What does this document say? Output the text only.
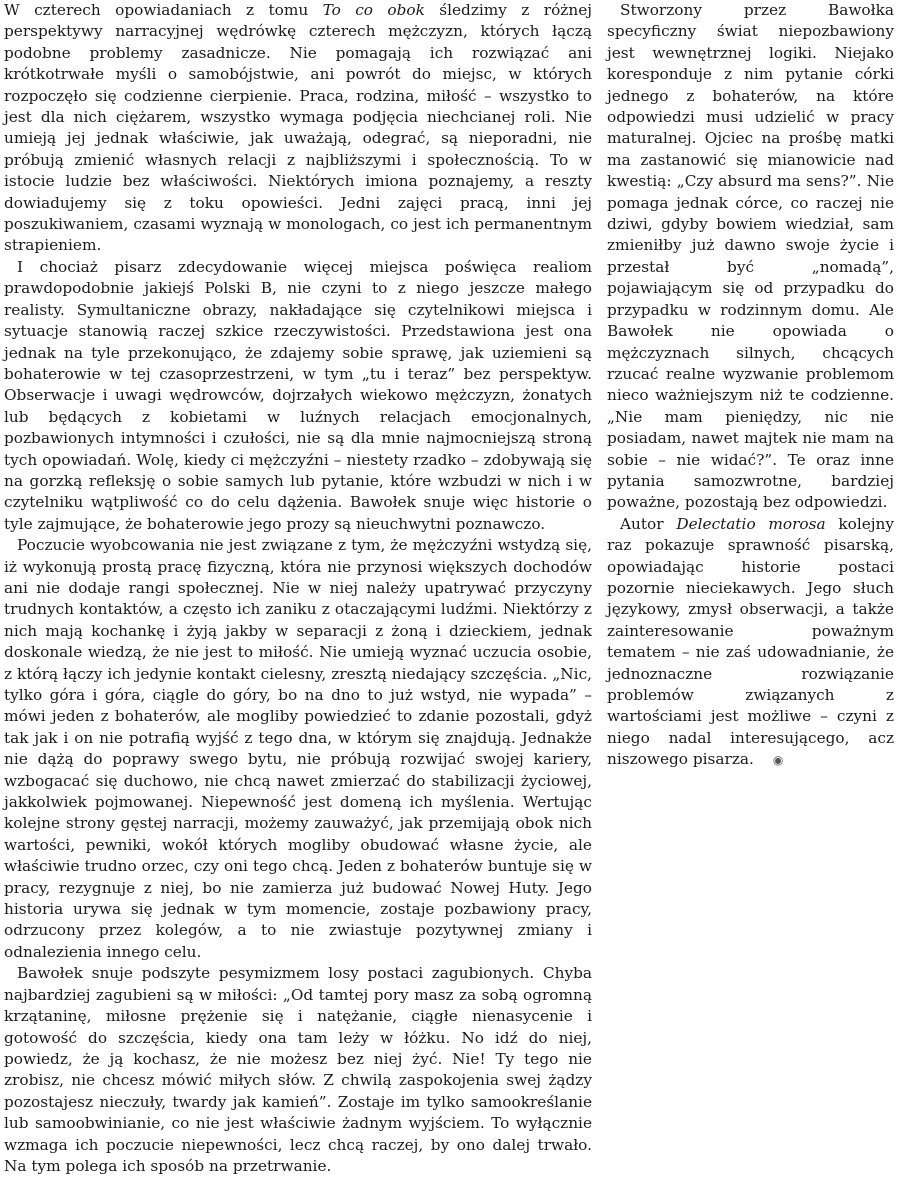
W czterech opowiadaniach z tomu To co obok śledzimy z różnej perspektywy narracyjnej wędrówkę czterech mężczyzn, których łączą podobne problemy zasadnicze. Nie pomagają ich rozwiązać ani krótkotrwałe myśli o samobójstwie, ani powrót do miejsc, w których rozpoczęło się codzienne cierpienie. Praca, rodzina, miłość – wszystko to jest dla nich ciężarem, wszystko wymaga podjęcia niechcianej roli. Nie umieją jej jednak właściwie, jak uważają, odegrać, są nieporadni, nie próbują zmienić własnych relacji z najbliższymi i społecznością. To w istocie ludzie bez właściwości. Niektórych imiona poznajemy, a reszty dowiadujemy się z toku opowieści. Jedni zajęci pracą, inni jej poszukiwaniem, czasami wyznają w monologach, co jest ich permanentnym strapieniem.

I chociaż pisarz zdecydowanie więcej miejsca poświęca realiom prawdopodobnie jakiejś Polski B, nie czyni to z niego jeszcze małego realisty. Symultaniczne obrazy, nakładające się czytelnikowi miejsca i sytuacje stanowią raczej szkice rzeczywistości. Przedstawiona jest ona jednak na tyle przekonująco, że zdajemy sobie sprawę, jak uziemieni są bohaterowie w tej czasoprzestrzeni, w tym „tu i teraz” bez perspektyw. Obserwacje i uwagi wędrowców, dojrzałych wiekowo mężczyzn, żonatych lub będących z kobietami w luźnych relacjach emocjonalnych, pozbawionych intymności i czułości, nie są dla mnie najmocniejszą stroną tych opowiadań. Wolę, kiedy ci mężczyźni – niestety rzadko – zdobywają się na gorzką refleksję o sobie samych lub pytanie, które wzbudzi w nich i w czytelniku wątpliwość co do celu dążenia. Bawołek snuje więc historie o tyle zajmujące, że bohaterowie jego prozy są nieuchwytni poznawczo.

Poczucie wyobcowania nie jest związane z tym, że mężczyźni wstydzą się, iż wykonują prostą pracę fizyczną, która nie przynosi większych dochodów ani nie dodaje rangi społecznej. Nie w niej należy upatrywać przyczyny trudnych kontaktów, a często ich zaniku z otaczającymi ludźmi. Niektórzy z nich mają kochankę i żyją jakby w separacji z żoną i dzieckiem, jednak doskonale wiedzą, że nie jest to miłość. Nie umieją wyznać uczucia osobie, z którą łączy ich jedynie kontakt cielesny, zresztą niedający szczęścia. „Nic, tylko góra i góra, ciągle do góry, bo na dno to już wstyd, nie wypada” – mówi jeden z bohaterów, ale mogliby powiedzieć to zdanie pozostali, gdyż tak jak i on nie potrafią wyjść z tego dna, w którym się znajdują. Jednakże nie dążą do poprawy swego bytu, nie próbują rozwijać swojej kariery, wzbogacać się duchowo, nie chcą nawet zmierzać do stabilizacji życiowej, jakkolwiek pojmowanej. Niepewność jest domeną ich myślenia. Wertując kolejne strony gęstej narracji, możemy zauważyć, jak przemijają obok nich wartości, pewniki, wokół których mogliby obudować własne życie, ale właściwie trudno orzec, czy oni tego chcą. Jeden z bohaterów buntuje się w pracy, rezygnuje z niej, bo nie zamierza już budować Nowej Huty. Jego historia urywa się jednak w tym momencie, zostaje pozbawiony pracy, odrzucony przez kolegów, a to nie zwiastuje pozytywnej zmiany i odnalezienia innego celu.

Bawołek snuje podszyte pesymizmem losy postaci zagubionych. Chyba najbardziej zagubieni są w miłości: „Od tamtej pory masz za sobą ogromną krzątaninę, miłosne prężenie się i natężanie, ciągłe nienasycenie i gotowość do szczęścia, kiedy ona tam leży w łóżku. No idź do niej, powiedz, że ją kochasz, że nie możesz bez niej żyć. Nie! Ty tego nie zrobisz, nie chcesz mówić miłych słów. Z chwilą zaspokojenia swej żądzy pozostajesz nieczuły, twardy jak kamień”. Zostaje im tylko samookreślanie lub samoobwinianie, co nie jest właściwie żadnym wyjściem. To wyłącznie wzmaga ich poczucie niepewności, lecz chcą raczej, by ono dalej trwało. Na tym polega ich sposób na przetrwanie.

Stworzony przez Bawołka specyficzny świat niepozbawiony jest wewnętrznej logiki. Niejako koresponduje z nim pytanie córki jednego z bohaterów, na które odpowiedzi musi udzielić w pracy maturalnej. Ojciec na prośbę matki ma zastanowić się mianowicie nad kwestią: „Czy absurd ma sens?”. Nie pomaga jednak córce, co raczej nie dziwi, gdyby bowiem wiedział, sam zmieniłby już dawno swoje życie i przestał być „nomadą”, pojawiającym się od przypadku do przypadku w rodzinnym domu. Ale Bawołek nie opowiada o mężczyznach silnych, chcących rzucać realne wyzwanie problemom nieco ważniejszym niż te codzienne. „Nie mam pieniędzy, nic nie posiadam, nawet majtek nie mam na sobie – nie widać?”. Te oraz inne pytania samozwrotne, bardziej poważne, pozostają bez odpowiedzi.

Autor Delectatio morosa kolejny raz pokazuje sprawność pisarską, opowiadając historie postaci pozornie nieciekawych. Jego słuch językowy, zmysł obserwacji, a także zainteresowanie poważnym tematem – nie zaś udowadnianie, że jednoznaczne rozwiązanie problemów związanych z wartościami jest możliwe – czyni z niego nadal interesującego, acz niszowego pisarza. ◉
